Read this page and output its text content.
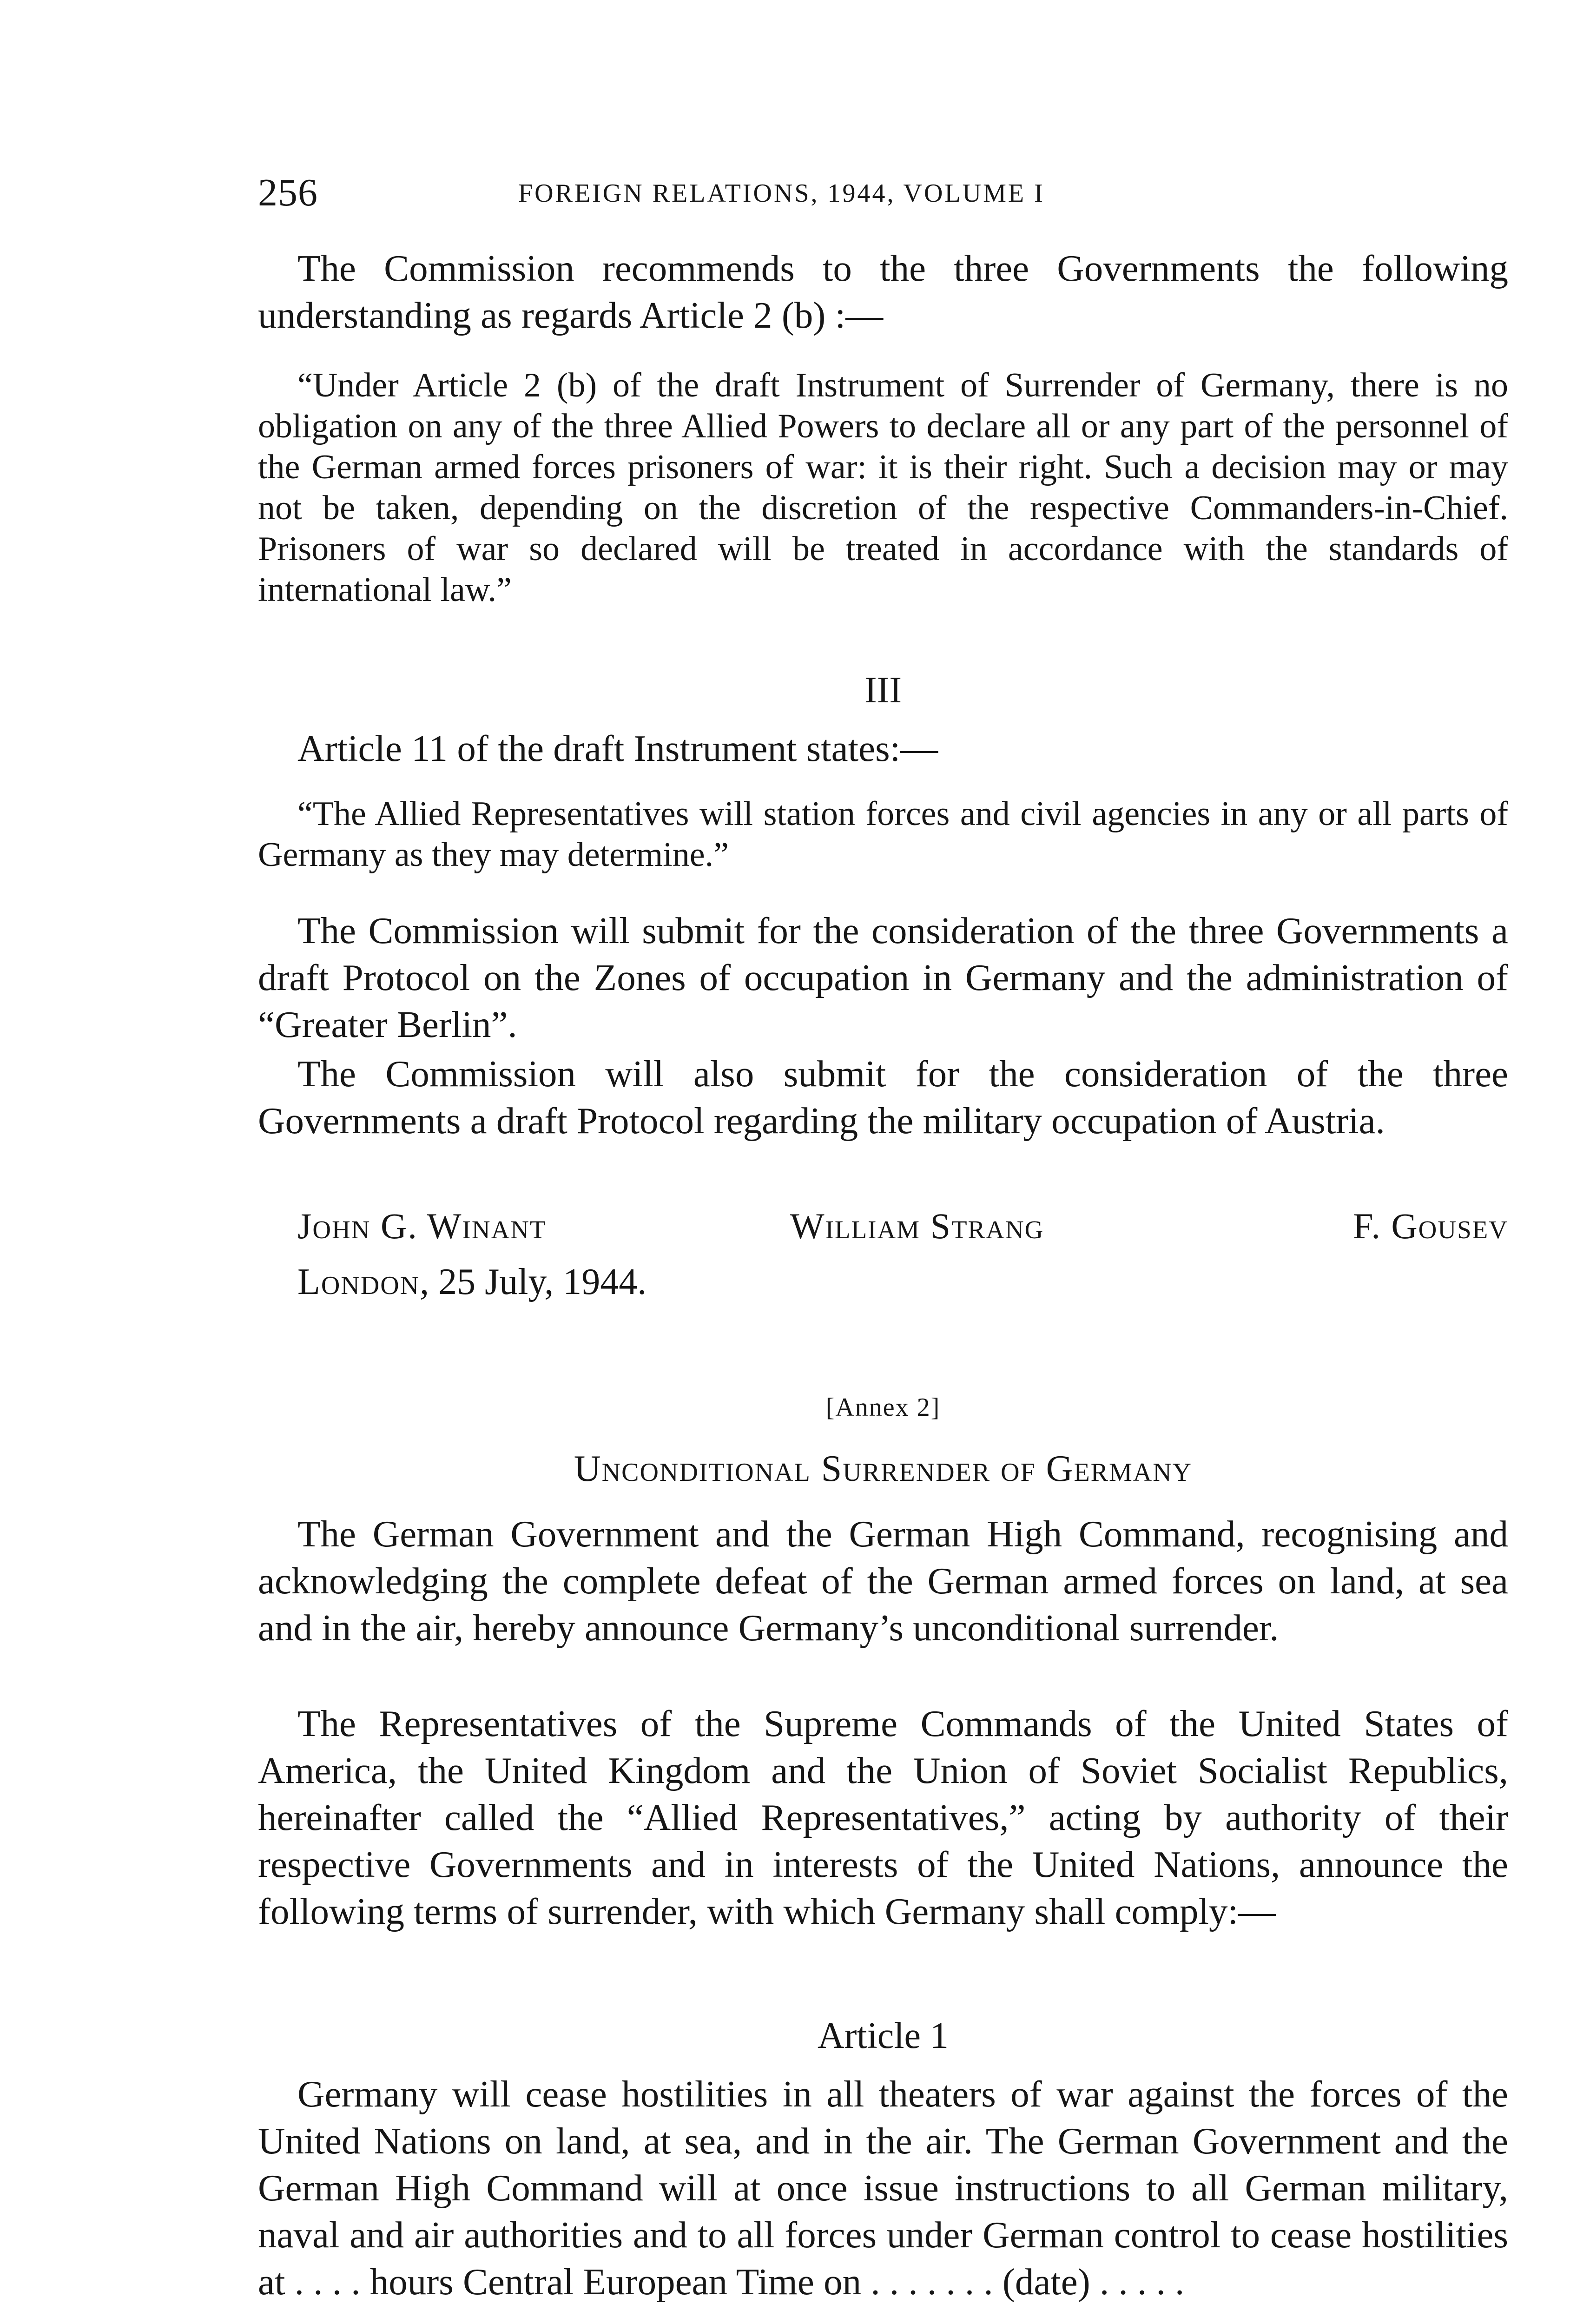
256	FOREIGN RELATIONS, 1944, VOLUME I

The Commission recommends to the three Governments the following understanding as regards Article 2 (b) :—

“Under Article 2 (b) of the draft Instrument of Surrender of Germany, there is no obligation on any of the three Allied Powers to declare all or any part of the personnel of the German armed forces prisoners of war: it is their right. Such a decision may or may not be taken, depending on the discretion of the respective Commanders-in-Chief. Prisoners of war so declared will be treated in accordance with the standards of international law.”

III

Article 11 of the draft Instrument states:—

“The Allied Representatives will station forces and civil agencies in any or all parts of Germany as they may determine.”

The Commission will submit for the consideration of the three Governments a draft Protocol on the Zones of occupation in Germany and the administration of “Greater Berlin”.

The Commission will also submit for the consideration of the three Governments a draft Protocol regarding the military occupation of Austria.

John G. Winant	William Strang	F. Gousev
London, 25 July, 1944.
[Annex 2]
Unconditional Surrender of Germany

The German Government and the German High Command, recognising and acknowledging the complete defeat of the German armed forces on land, at sea and in the air, hereby announce Germany’s unconditional surrender.

The Representatives of the Supreme Commands of the United States of America, the United Kingdom and the Union of Soviet Socialist Republics, hereinafter called the “Allied Representatives,” acting by authority of their respective Governments and in interests of the United Nations, announce the following terms of surrender, with which Germany shall comply:—

Article 1

Germany will cease hostilities in all theaters of war against the forces of the United Nations on land, at sea, and in the air. The German Government and the German High Command will at once issue instructions to all German military, naval and air authorities and to all forces under German control to cease hostilities at . . . . hours Central European Time on . . . . . . . (date) . . . . .
